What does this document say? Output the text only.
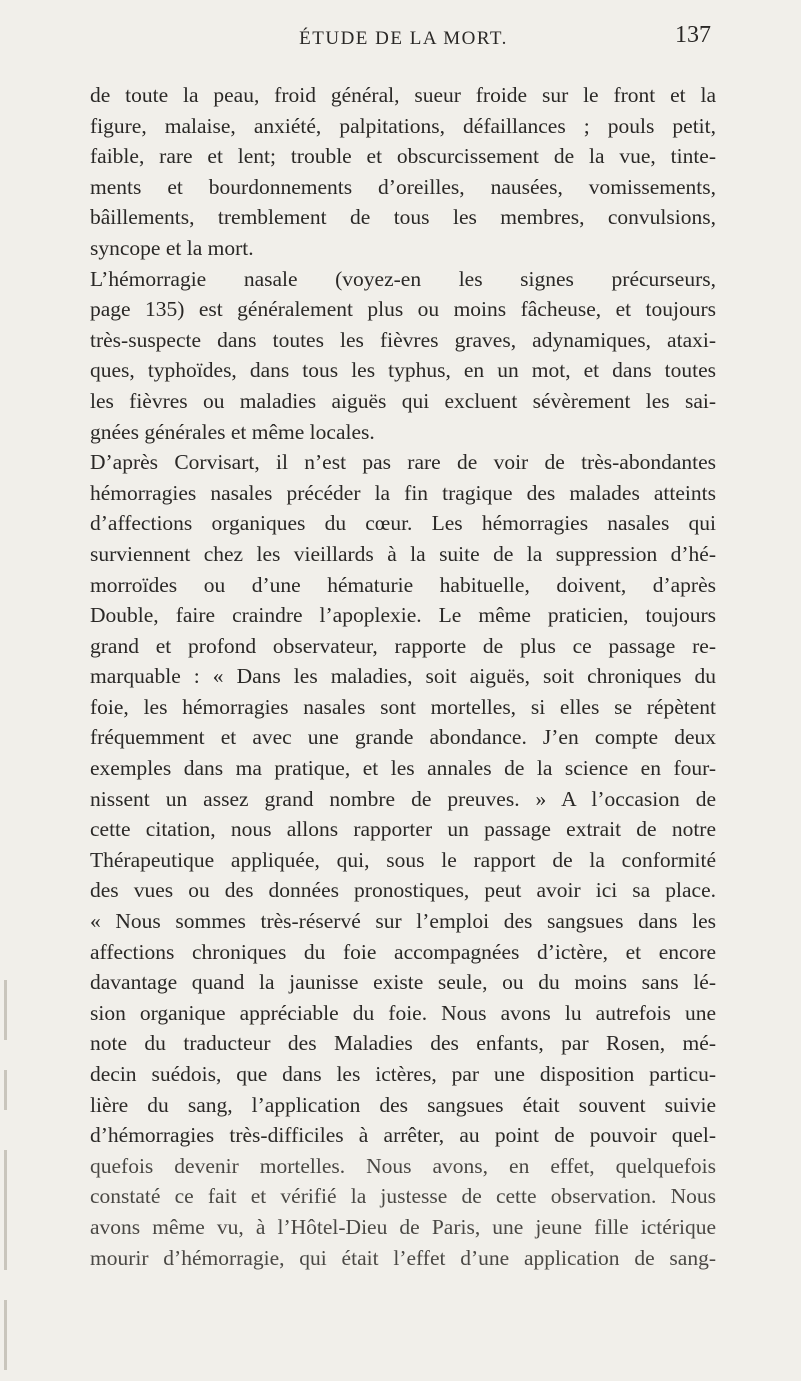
ÉTUDE DE LA MORT.	137
de toute la peau, froid général, sueur froide sur le front et la
figure, malaise, anxiété, palpitations, défaillances ; pouls petit,
faible, rare et lent; trouble et obscurcissement de la vue, tinte-
ments et bourdonnements d’oreilles, nausées, vomissements,
bâillements, tremblement de tous les membres, convulsions,
syncope et la mort.
L’hémorragie nasale (voyez-en les signes précurseurs,
page 135) est généralement plus ou moins fâcheuse, et toujours
très-suspecte dans toutes les fièvres graves, adynamiques, ataxi-
ques, typhoïdes, dans tous les typhus, en un mot, et dans toutes
les fièvres ou maladies aiguës qui excluent sévèrement les sai-
gnées générales et même locales.
D’après Corvisart, il n’est pas rare de voir de très-abondantes
hémorragies nasales précéder la fin tragique des malades atteints
d’affections organiques du cœur. Les hémorragies nasales qui
surviennent chez les vieillards à la suite de la suppression d’hé-
morroïdes ou d’une hématurie habituelle, doivent, d’après
Double, faire craindre l’apoplexie. Le même praticien, toujours
grand et profond observateur, rapporte de plus ce passage re-
marquable : « Dans les maladies, soit aiguës, soit chroniques du
foie, les hémorragies nasales sont mortelles, si elles se répètent
fréquemment et avec une grande abondance. J’en compte deux
exemples dans ma pratique, et les annales de la science en four-
nissent un assez grand nombre de preuves. » A l’occasion de
cette citation, nous allons rapporter un passage extrait de notre
Thérapeutique appliquée, qui, sous le rapport de la conformité
des vues ou des données pronostiques, peut avoir ici sa place.
« Nous sommes très-réservé sur l’emploi des sangsues dans les
affections chroniques du foie accompagnées d’ictère, et encore
davantage quand la jaunisse existe seule, ou du moins sans lé-
sion organique appréciable du foie. Nous avons lu autrefois une
note du traducteur des Maladies des enfants, par Rosen, mé-
decin suédois, que dans les ictères, par une disposition particu-
lière du sang, l’application des sangsues était souvent suivie
d’hémorragies très-difficiles à arrêter, au point de pouvoir quel-
quefois devenir mortelles. Nous avons, en effet, quelquefois
constaté ce fait et vérifié la justesse de cette observation. Nous
avons même vu, à l’Hôtel-Dieu de Paris, une jeune fille ictérique
mourir d’hémorragie, qui était l’effet d’une application de sang-
